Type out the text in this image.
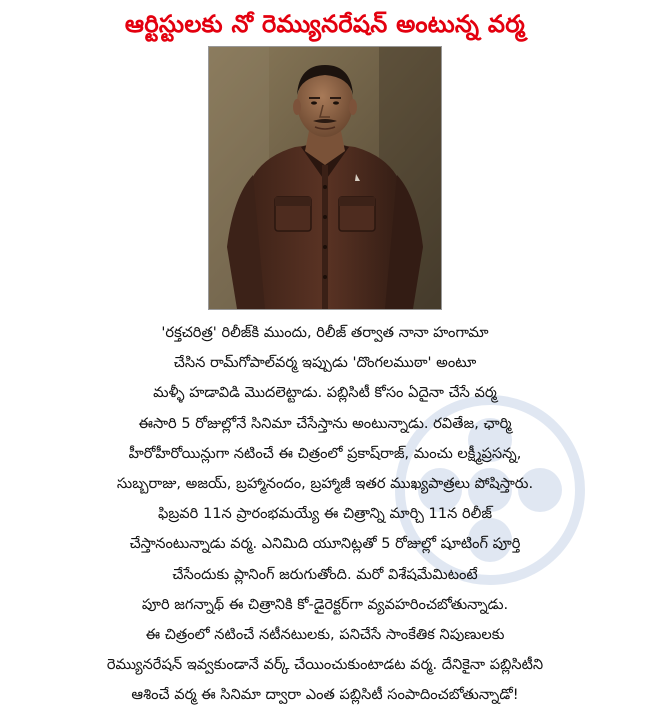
ఆర్టిస్టులకు నో రెమ్యునరేషన్ అంటున్న వర్మ

'రక్తచరిత్ర' రిలీజ్‌కి ముందు, రిలీజ్ తర్వాత నానా హంగామా

చేసిన రామ్‌గోపాల్‌వర్మ ఇప్పుడు 'దొంగలముఠా' అంటూ

మళ్ళీ హడావిడి మొదలెట్టాడు. పబ్లిసిటీ కోసం ఏదైనా చేసే వర్మ

ఈసారి 5 రోజుల్లోనే సినిమా చేసేస్తాను అంటున్నాడు. రవితేజ, ఛార్మి

హీరోహీరోయిన్లుగా నటించే ఈ చిత్రంలో ప్రకాష్‌రాజ్, మంచు లక్ష్మీప్రసన్న,

సుబ్బరాజు, అజయ్, బ్రహ్మానందం, బ్రహ్మాజీ ఇతర ముఖ్యపాత్రలు పోషిస్తారు.

ఫిబ్రవరి 11న ప్రారంభమయ్యే ఈ చిత్రాన్ని మార్చి 11న రిలీజ్

చేస్తానంటున్నాడు వర్మ. ఎనిమిది యూనిట్లతో 5 రోజుల్లో షూటింగ్ పూర్తి

చేసేందుకు ప్లానింగ్ జరుగుతోంది. మరో విశేషమేమిటంటే

పూరి జగన్నాథ్ ఈ చిత్రానికి కో-డైరెక్టర్‌గా వ్యవహరించబోతున్నాడు.

ఈ చిత్రంలో నటించే నటీనటులకు, పనిచేసే సాంకేతిక నిపుణులకు

రెమ్యునరేషన్ ఇవ్వకుండానే వర్క్ చేయించుకుంటాడట వర్మ. దేనికైనా పబ్లిసిటీని

ఆశించే వర్మ ఈ సినిమా ద్వారా ఎంత పబ్లిసిటీ సంపాదించబోతున్నాడో!
